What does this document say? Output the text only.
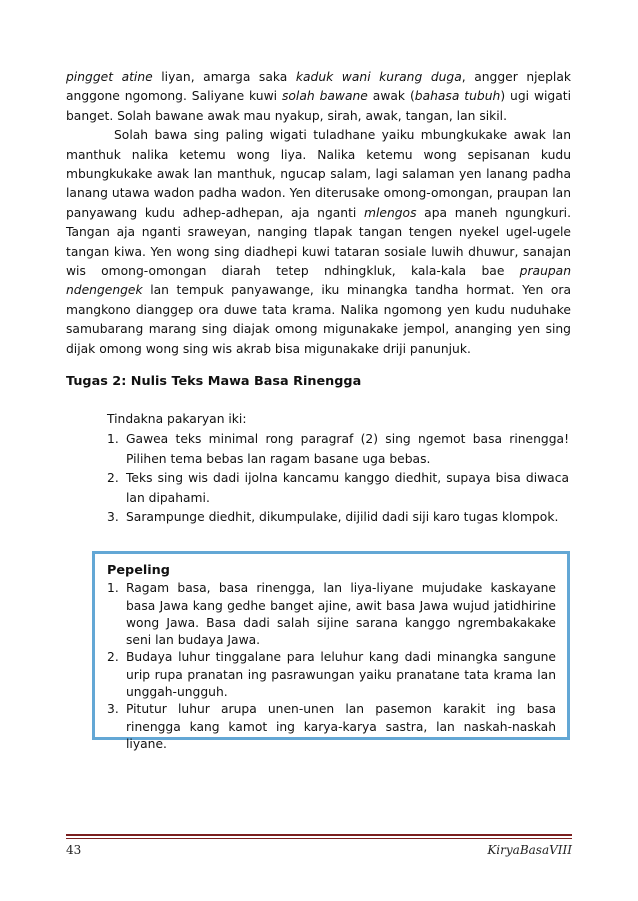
pingget atine liyan, amarga saka kaduk wani kurang duga, angger njeplak anggone ngomong. Saliyane kuwi solah bawane awak (bahasa tubuh) ugi wigati banget. Solah bawane awak mau nyakup, sirah, awak, tangan, lan sikil.

Solah bawa sing paling wigati tuladhane yaiku mbungkukake awak lan manthuk nalika ketemu wong liya. Nalika ketemu wong sepisanan kudu mbungkukake awak lan manthuk, ngucap salam, lagi salaman yen lanang padha lanang utawa wadon padha wadon. Yen diterusake omong-omongan, praupan lan panyawang kudu adhep-adhepan, aja nganti mlengos apa maneh ngungkuri. Tangan aja nganti sraweyan, nanging tlapak tangan tengen nyekel ugel-ugele tangan kiwa. Yen wong sing diadhepi kuwi tataran sosiale luwih dhuwur, sanajan wis omong-omongan diarah tetep ndhingkluk, kala-kala bae praupan ndengengek lan tempuk panyawange, iku minangka tandha hormat. Yen ora mangkono dianggep ora duwe tata krama. Nalika ngomong yen kudu nuduhake samubarang marang sing diajak omong migunakake jempol, ananging yen sing dijak omong wong sing wis akrab bisa migunakake driji panunjuk.

Tugas 2: Nulis Teks Mawa Basa Rinengga

Tindakna pakaryan iki:

1. Gawea teks minimal rong paragraf (2) sing ngemot basa rinengga! Pilihen tema bebas lan ragam basane uga bebas.
2. Teks sing wis dadi ijolna kancamu kanggo diedhit, supaya bisa diwaca lan dipahami.
3. Sarampunge diedhit, dikumpulake, dijilid dadi siji karo tugas klompok.
Pepeling
1. Ragam basa, basa rinengga, lan liya-liyane mujudake kaskayane basa Jawa kang gedhe banget ajine, awit basa Jawa wujud jatidhirine wong Jawa. Basa dadi salah sijine sarana kanggo ngrembakakake seni lan budaya Jawa.
2. Budaya luhur tinggalane para leluhur kang dadi minangka sangune urip rupa pranatan ing pasrawungan yaiku pranatane tata krama lan unggah-ungguh.
3. Pitutur luhur arupa unen-unen lan pasemon karakit ing basa rinengga kang kamot ing karya-karya sastra, lan naskah-naskah liyane.
43	KiryaBasaVIII
